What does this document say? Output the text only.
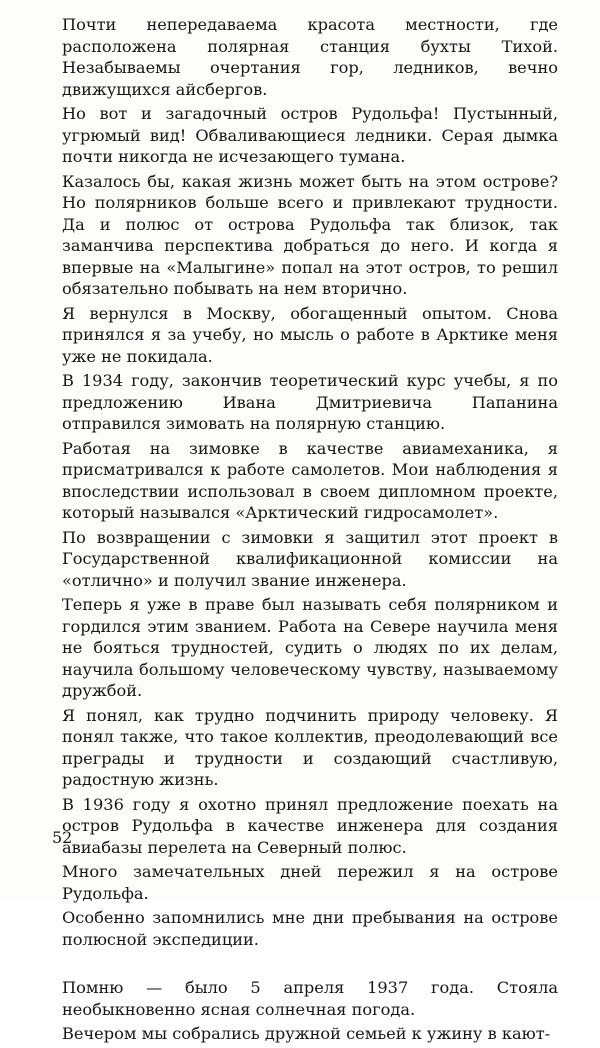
Почти непередаваема красота местности, где расположена полярная станция бухты Тихой. Незабываемы очертания гор, ледников, вечно движущихся айсбергов.

Но вот и загадочный остров Рудольфа! Пустынный, угрюмый вид! Обваливающиеся ледники. Серая дымка почти никогда не исчезающего тумана.

Казалось бы, какая жизнь может быть на этом острове? Но полярников больше всего и привлекают трудности. Да и полюс от острова Рудольфа так близок, так заманчива перспектива добраться до него. И когда я впервые на «Малыгине» попал на этот остров, то решил обязательно побывать на нем вторично.

Я вернулся в Москву, обогащенный опытом. Снова принялся я за учебу, но мысль о работе в Арктике меня уже не покидала.

В 1934 году, закончив теоретический курс учебы, я по предложению Ивана Дмитриевича Папанина отправился зимовать на полярную станцию.

Работая на зимовке в качестве авиамеханика, я присматривался к работе самолетов. Мои наблюдения я впоследствии использовал в своем дипломном проекте, который назывался «Арктический гидросамолет».

По возвращении с зимовки я защитил этот проект в Государственной квалификационной комиссии на «отлично» и получил звание инженера.

Теперь я уже в праве был называть себя полярником и гордился этим званием. Работа на Севере научила меня не бояться трудностей, судить о людях по их делам, научила большому человеческому чувству, называемому дружбой.

Я понял, как трудно подчинить природу человеку. Я понял также, что такое коллектив, преодолевающий все преграды и трудности и создающий счастливую, радостную жизнь.

В 1936 году я охотно принял предложение поехать на остров Рудольфа в качестве инженера для создания авиабазы перелета на Северный полюс.

Много замечательных дней пережил я на острове Рудольфа.

Особенно запомнились мне дни пребывания на острове полюсной экспедиции.

Помню — было 5 апреля 1937 года. Стояла необыкновенно ясная солнечная погода.

Вечером мы собрались дружной семьей к ужину в кают-

52
